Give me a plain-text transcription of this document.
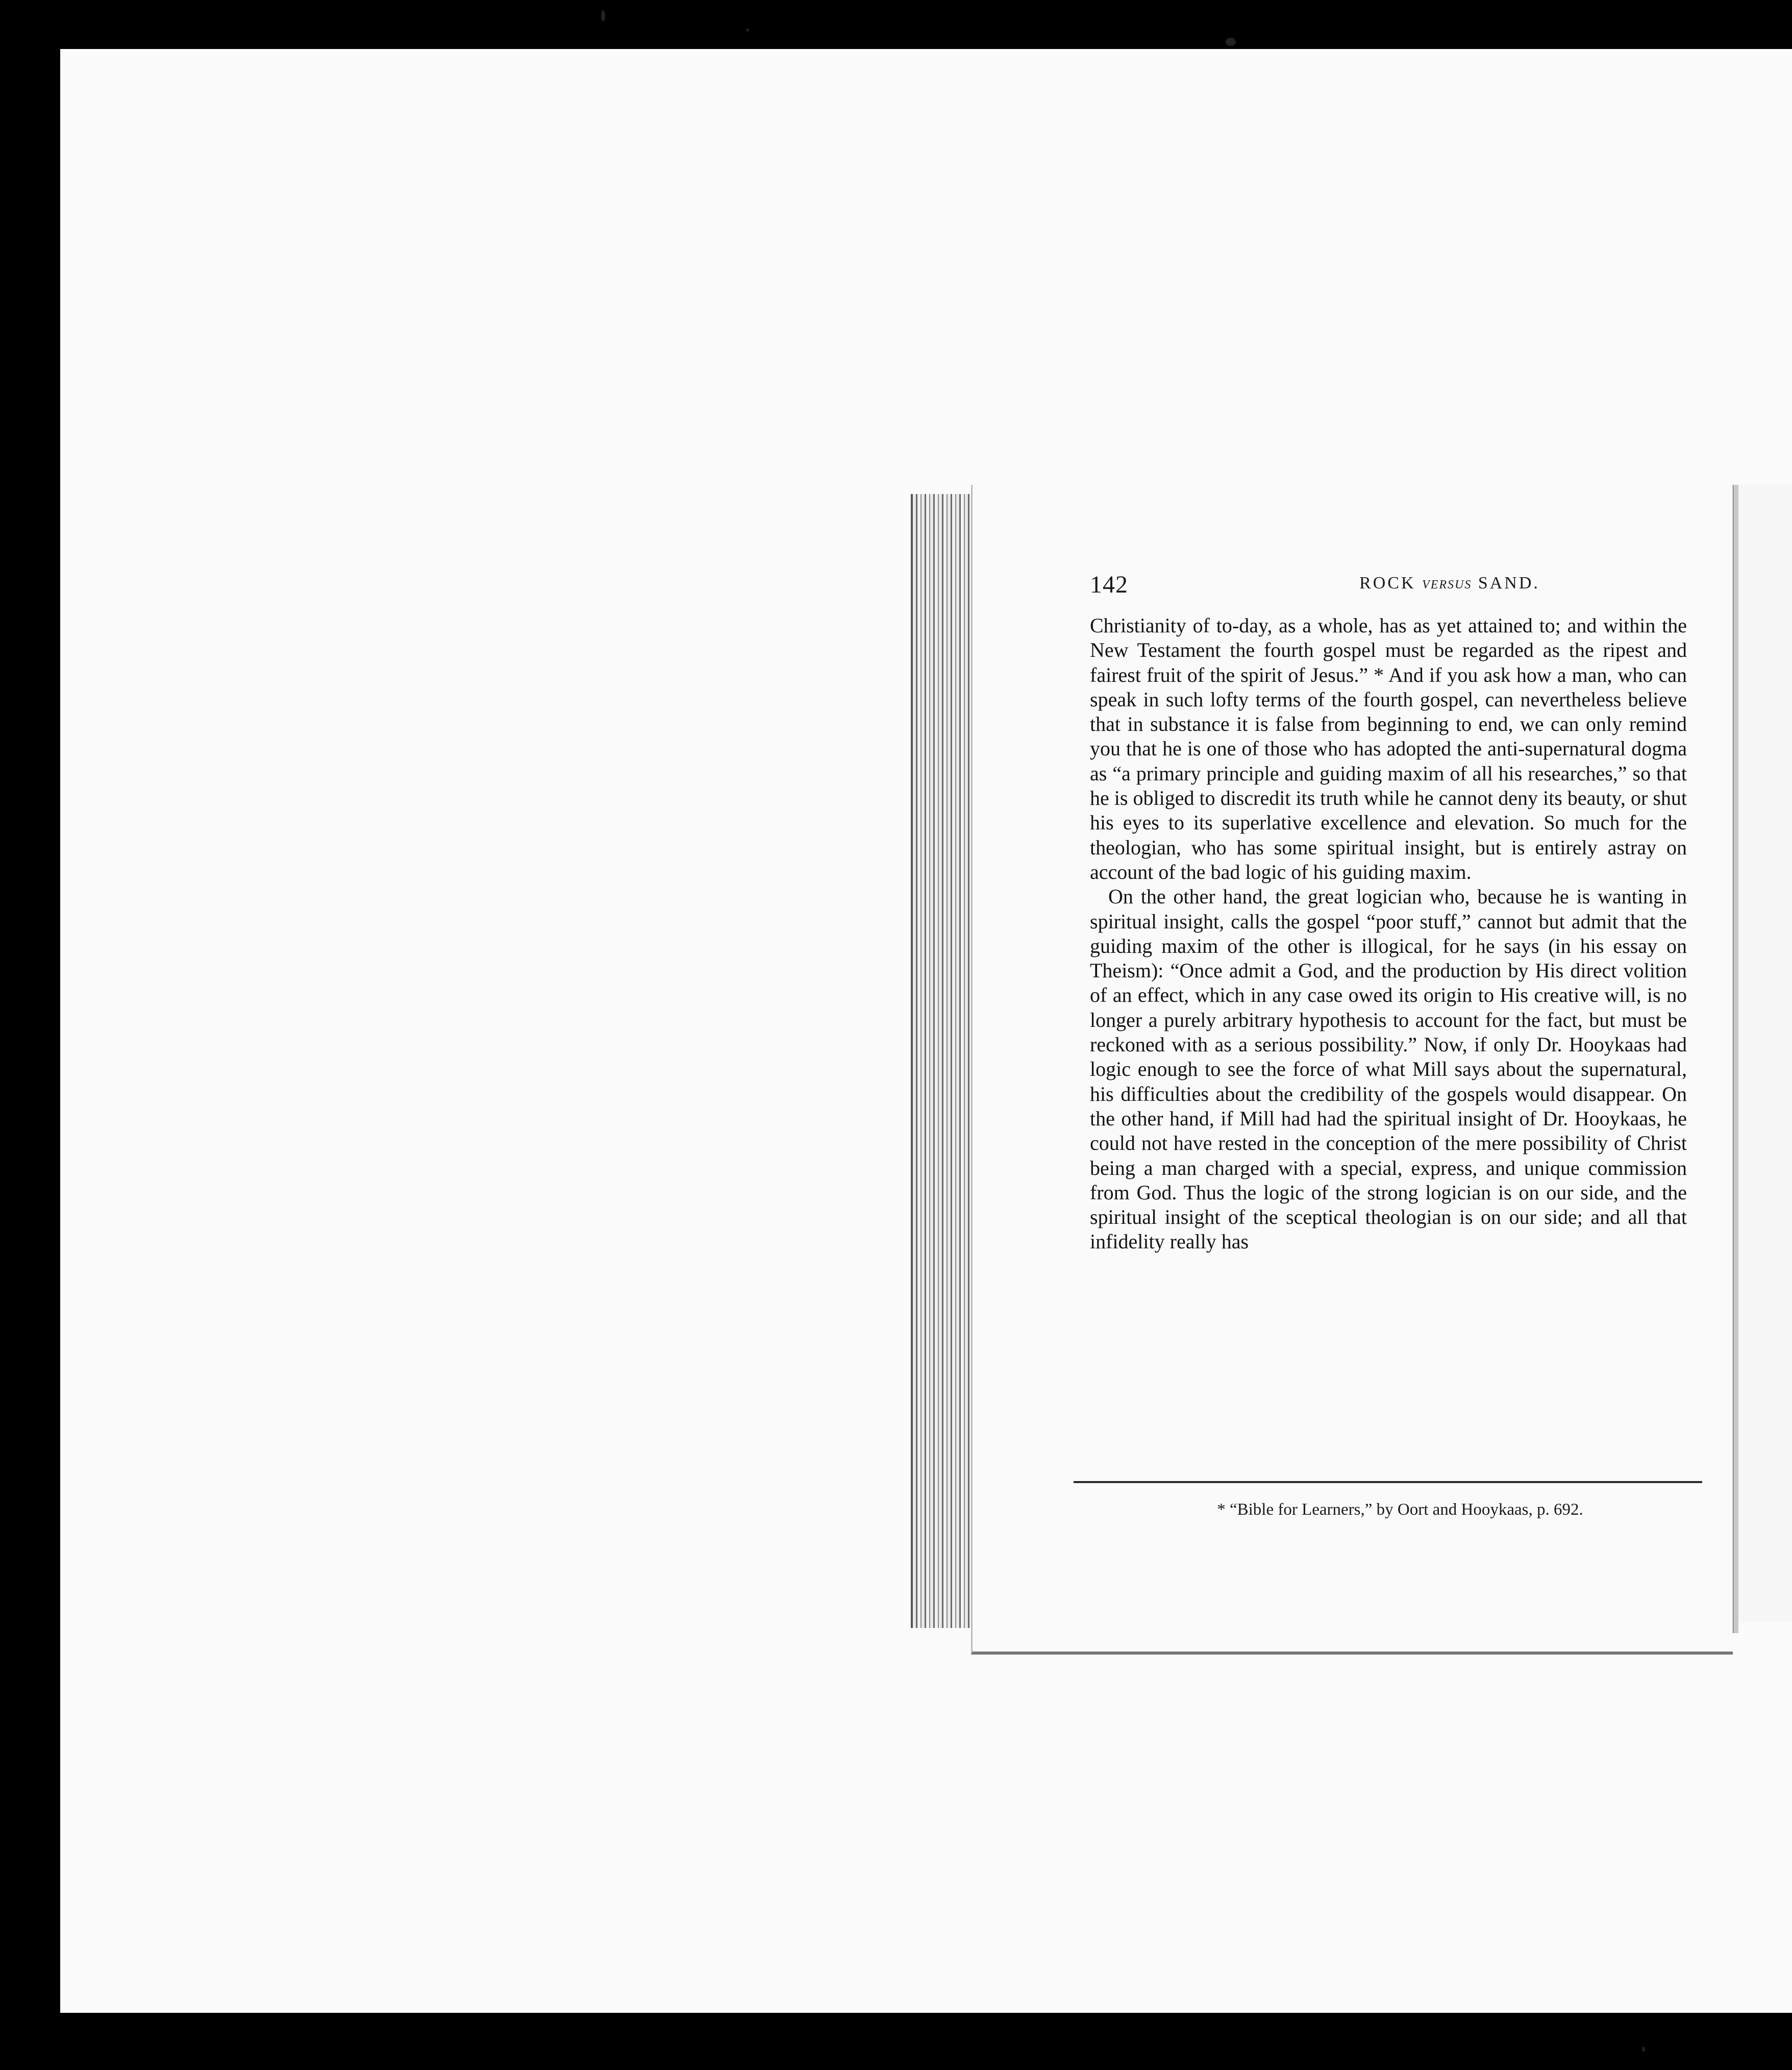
142	ROCK versus SAND.

Christianity of to-day, as a whole, has as yet attained to; and within the New Testament the fourth gospel must be regarded as the ripest and fairest fruit of the spirit of Jesus.” * And if you ask how a man, who can speak in such lofty terms of the fourth gospel, can nevertheless believe that in substance it is false from beginning to end, we can only remind you that he is one of those who has adopted the anti-supernatural dogma as “a primary principle and guiding maxim of all his researches,” so that he is obliged to discredit its truth while he cannot deny its beauty, or shut his eyes to its superlative excellence and elevation. So much for the theologian, who has some spiritual insight, but is entirely astray on account of the bad logic of his guiding maxim.

On the other hand, the great logician who, because he is wanting in spiritual insight, calls the gospel “poor stuff,” cannot but admit that the guiding maxim of the other is illogical, for he says (in his essay on Theism): “Once admit a God, and the production by His direct volition of an effect, which in any case owed its origin to His creative will, is no longer a purely arbitrary hypothesis to account for the fact, but must be reckoned with as a serious possibility.” Now, if only Dr. Hooykaas had logic enough to see the force of what Mill says about the supernatural, his difficulties about the credibility of the gospels would disappear. On the other hand, if Mill had had the spiritual insight of Dr. Hooykaas, he could not have rested in the conception of the mere possibility of Christ being a man charged with a special, express, and unique commission from God. Thus the logic of the strong logician is on our side, and the spiritual insight of the sceptical theologian is on our side; and all that infidelity really has

* “Bible for Learners,” by Oort and Hooykaas, p. 692.
